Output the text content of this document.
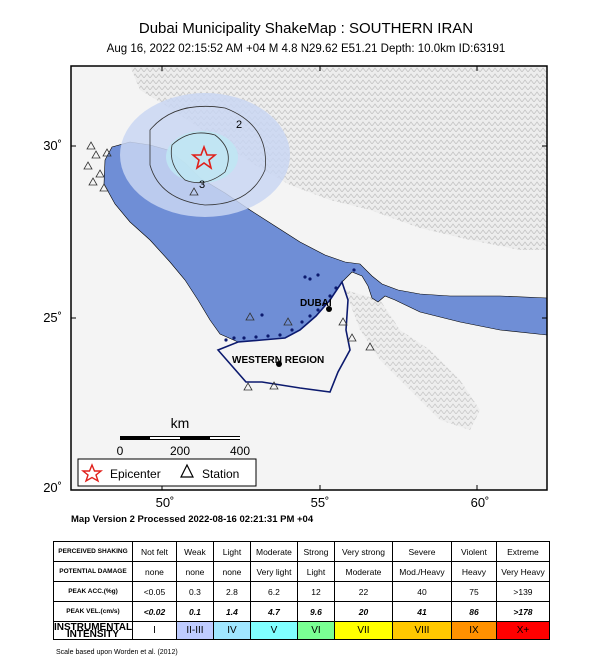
Dubai Municipality ShakeMap : SOUTHERN IRAN
Aug 16, 2022 02:15:52 AM +04 M 4.8 N29.62 E51.21 Depth: 10.0km ID:63191
50˚	55˚	60˚
30˚
25˚
20˚
2
3
DUBAI
WESTERN REGION
km
0	200	400
Epicenter	Station
Map Version 2 Processed 2022-08-16 02:21:31 PM +04
PERCEIVED SHAKING	Not felt	Weak	Light	Moderate	Strong	Very strong	Severe	Violent	Extreme
POTENTIAL DAMAGE	none	none	none	Very light	Light	Moderate	Mod./Heavy	Heavy	Very Heavy
PEAK ACC.(%g)	<0.05	0.3	2.8	6.2	12	22	40	75	>139
PEAK VEL.(cm/s)	<0.02	0.1	1.4	4.7	9.6	20	41	86	>178
INSTRUMENTAL INTENSITY	I	II-III	IV	V	VI	VII	VIII	IX	X+
Scale based upon Worden et al. (2012)
